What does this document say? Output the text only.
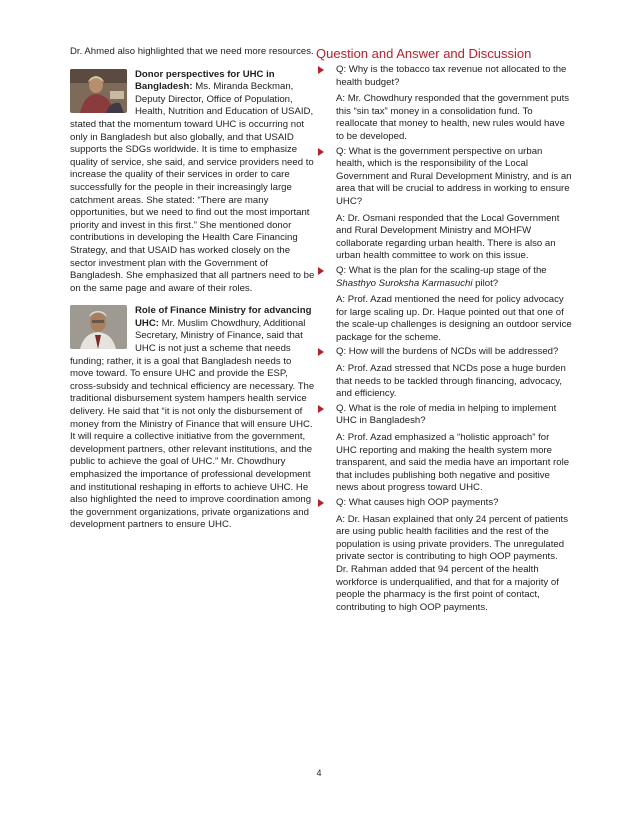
Dr. Ahmed also highlighted that we need more resources.

Donor perspectives for UHC in Bangladesh: Ms. Miranda Beckman, Deputy Director, Office of Population, Health, Nutrition and Education of USAID, stated that the momentum toward UHC is occurring not only in Bangladesh but also globally, and that USAID supports the SDGs worldwide. It is time to emphasize quality of service, she said, and service providers need to increase the quality of their services in order to care successfully for the people in their increasingly large catchment areas. She stated: “There are many opportunities, but we need to find out the most important priority and invest in this first.” She mentioned donor contributions in developing the Health Care Financing Strategy, and that USAID has worked closely on the sector investment plan with the Government of Bangladesh. She emphasized that all partners need to be on the same page and aware of their roles.

Role of Finance Ministry for advancing UHC: Mr. Muslim Chowdhury, Additional Secretary, Ministry of Finance, said that UHC is not just a scheme that needs funding; rather, it is a goal that Bangladesh needs to move toward. To ensure UHC and provide the ESP, cross-subsidy and technical efficiency are necessary. The traditional disbursement system hampers health service delivery. He said that “it is not only the disbursement of money from the Ministry of Finance that will ensure UHC. It will require a collective initiative from the government, development partners, other relevant institutions, and the public to achieve the goal of UHC.” Mr. Chowdhury emphasized the importance of professional development and institutional reshaping in efforts to achieve UHC. He also highlighted the need to improve coordination among the government organizations, private organizations and development partners to ensure UHC.

Question and Answer and Discussion

Q: Why is the tobacco tax revenue not allocated to the health budget?

A: Mr. Chowdhury responded that the government puts this “sin tax” money in a consolidation fund. To reallocate that money to health, new rules would have to be developed.

Q: What is the government perspective on urban health, which is the responsibility of the Local Government and Rural Development Ministry, and is an area that will be crucial to address in working to ensure UHC?

A: Dr. Osmani responded that the Local Government and Rural Development Ministry and MOHFW collaborate regarding urban health. There is also an urban health committee to work on this issue.

Q: What is the plan for the scaling-up stage of the Shasthyo Suroksha Karmasuchi pilot?

A: Prof. Azad mentioned the need for policy advocacy for large scaling up. Dr. Haque pointed out that one of the scale-up challenges is designing an outdoor service package for the scheme.

Q: How will the burdens of NCDs will be addressed?

A: Prof. Azad stressed that NCDs pose a huge burden that needs to be tackled through financing, advocacy, and efficiency.

Q. What is the role of media in helping to implement UHC in Bangladesh?

A: Prof. Azad emphasized a “holistic approach” for UHC reporting and making the health system more transparent, and said the media have an important role that includes publishing both negative and positive news about progress toward UHC.

Q: What causes high OOP payments?

A: Dr. Hasan explained that only 24 percent of patients are using public health facilities and the rest of the population is using private providers. The unregulated private sector is contributing to high OOP payments. Dr. Rahman added that 94 percent of the health workforce is underqualified, and that for a majority of people the pharmacy is the first point of contact, contributing to high OOP payments.

4
